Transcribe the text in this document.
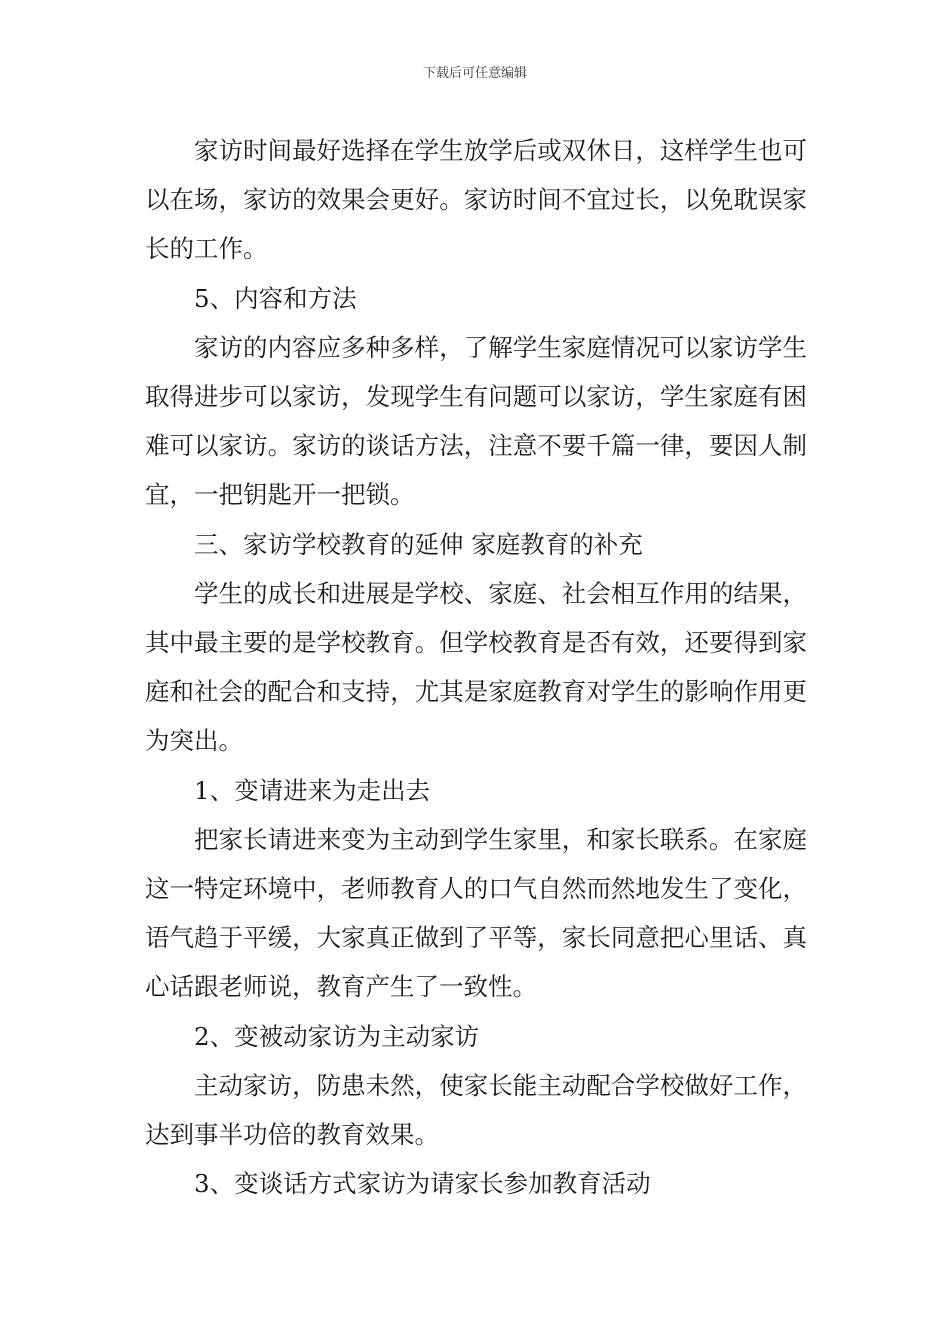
下载后可任意编辑

家访时间最好选择在学生放学后或双休日，这样学生也可以在场，家访的效果会更好。家访时间不宜过长，以免耽误家长的工作。

5、内容和方法

家访的内容应多种多样，了解学生家庭情况可以家访学生取得进步可以家访，发现学生有问题可以家访，学生家庭有困难可以家访。家访的谈话方法，注意不要千篇一律，要因人制宜，一把钥匙开一把锁。

三、家访学校教育的延伸 家庭教育的补充

学生的成长和进展是学校、家庭、社会相互作用的结果，其中最主要的是学校教育。但学校教育是否有效，还要得到家庭和社会的配合和支持，尤其是家庭教育对学生的影响作用更为突出。

1、变请进来为走出去

把家长请进来变为主动到学生家里，和家长联系。在家庭这一特定环境中，老师教育人的口气自然而然地发生了变化，语气趋于平缓，大家真正做到了平等，家长同意把心里话、真心话跟老师说，教育产生了一致性。

2、变被动家访为主动家访

主动家访，防患未然，使家长能主动配合学校做好工作，达到事半功倍的教育效果。

3、变谈话方式家访为请家长参加教育活动
